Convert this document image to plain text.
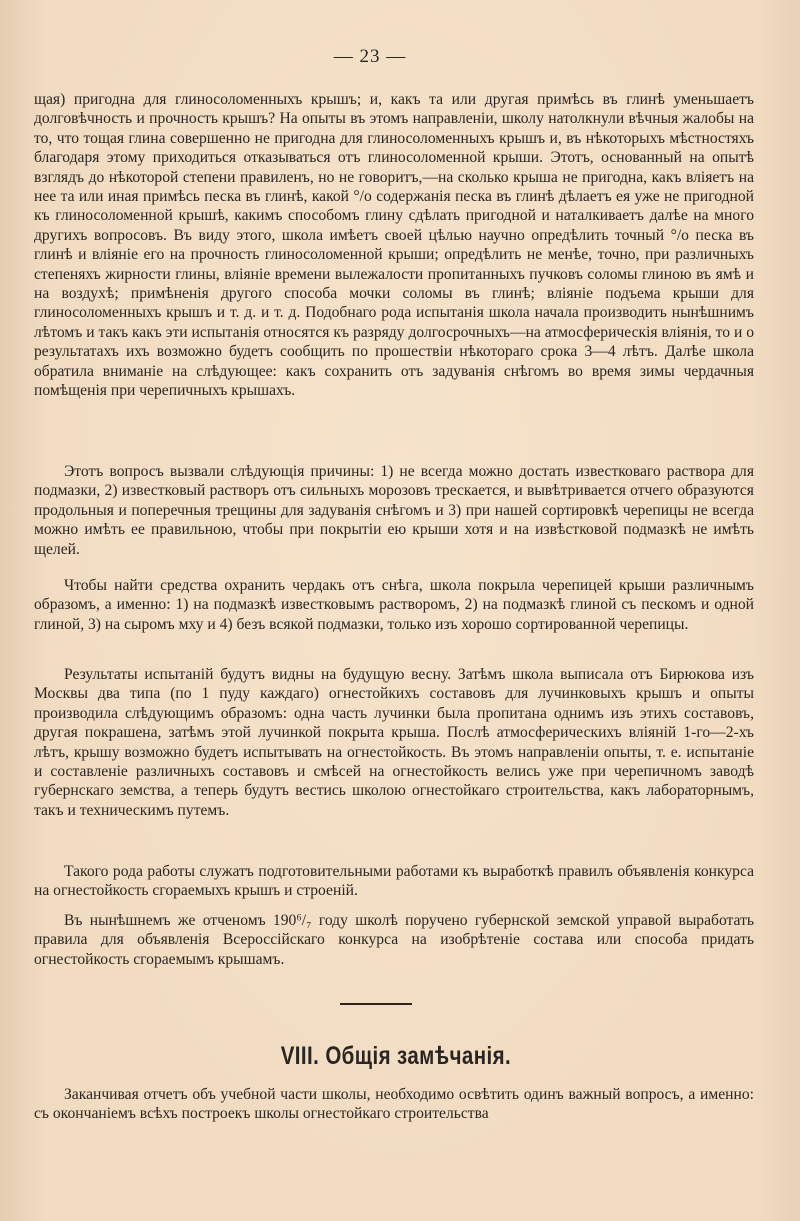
— 23 —

щая) пригодна для глиносоломенныхъ крышъ; и, какъ та или другая примѣсь въ глинѣ уменьшаетъ долговѣчность и прочность крышъ? На опыты въ этомъ направленіи, школу натолкнули вѣчныя жалобы на то, что тощая глина совершенно не пригодна для глиносоломенныхъ крышъ и, въ нѣкоторыхъ мѣстностяхъ благодаря этому приходиться отказываться отъ глиносоломенной крыши. Этотъ, основанный на опытѣ взглядъ до нѣкоторой степени правиленъ, но не говоритъ,—на сколько крыша не пригодна, какъ вліяетъ на нее та или иная примѣсь песка въ глинѣ, какой °/о содержанія песка въ глинѣ дѣлаетъ ея уже не пригодной къ глиносоломенной крышѣ, какимъ способомъ глину сдѣлать пригодной и наталкиваетъ далѣе на много другихъ вопросовъ. Въ виду этого, школа имѣетъ своей цѣлью научно опредѣлить точный °/о песка въ глинѣ и вліяніе его на прочность глиносоломенной крыши; опредѣлить не менѣе, точно, при различныхъ степеняхъ жирности глины, вліяніе времени вылежалости пропитанныхъ пучковъ соломы глиною въ ямѣ и на воздухѣ; примѣненія другого способа мочки соломы въ глинѣ; вліяніе подъема крыши для глиносоломенныхъ крышъ и т. д. и т. д. Подобнаго рода испытанія школа начала производить нынѣшнимъ лѣтомъ и такъ какъ эти испытанія относятся къ разряду долгосрочныхъ—на атмосферическія вліянія, то и о результатахъ ихъ возможно будетъ сообщить по прошествіи нѣкотораго срока 3—4 лѣтъ. Далѣе школа обратила вниманіе на слѣдующее: какъ сохранить отъ задуванія снѣгомъ во время зимы чердачныя помѣщенія при черепичныхъ крышахъ.

Этотъ вопросъ вызвали слѣдующія причины: 1) не всегда можно достать известковаго раствора для подмазки, 2) известковый растворъ отъ сильныхъ морозовъ трескается, и вывѣтривается отчего образуются продольныя и поперечныя трещины для задуванія снѣгомъ и 3) при нашей сортировкѣ черепицы не всегда можно имѣть ее правильною, чтобы при покрытіи ею крыши хотя и на извѣстковой подмазкѣ не имѣть щелей.

Чтобы найти средства охранить чердакъ отъ снѣга, школа покрыла черепицей крыши различнымъ образомъ, а именно: 1) на подмазкѣ известковымъ растворомъ, 2) на подмазкѣ глиной съ пескомъ и одной глиной, 3) на сыромъ мху и 4) безъ всякой подмазки, только изъ хорошо сортированной черепицы.

Результаты испытаній будутъ видны на будущую весну. Затѣмъ школа выписала отъ Бирюкова изъ Москвы два типа (по 1 пуду каждаго) огнестойкихъ составовъ для лучинковыхъ крышъ и опыты производила слѣдующимъ образомъ: одна часть лучинки была пропитана однимъ изъ этихъ составовъ, другая покрашена, затѣмъ этой лучинкой покрыта крыша. Послѣ атмосферическихъ вліяній 1-го—2-хъ лѣтъ, крышу возможно будетъ испытывать на огнестойкость. Въ этомъ направленіи опыты, т. е. испытаніе и составленіе различныхъ составовъ и смѣсей на огнестойкость велись уже при черепичномъ заводѣ губернскаго земства, а теперь будутъ вестись школою огнестойкаго строительства, какъ лабораторнымъ, такъ и техническимъ путемъ.

Такого рода работы служатъ подготовительными работами къ выработкѣ правилъ объявленія конкурса на огнестойкость сгораемыхъ крышъ и строеній.

Въ нынѣшнемъ же отченомъ 190⁶/₇ году школѣ поручено губернской земской управой выработать правила для объявленія Всероссійскаго конкурса на изобрѣтеніе состава или способа придать огнестойкость сгораемымъ крышамъ.

VIII. Общія замѣчанія.

Заканчивая отчетъ объ учебной части школы, необходимо освѣтить одинъ важный вопросъ, а именно: съ окончаніемъ всѣхъ построекъ школы огнестойкаго строительства
